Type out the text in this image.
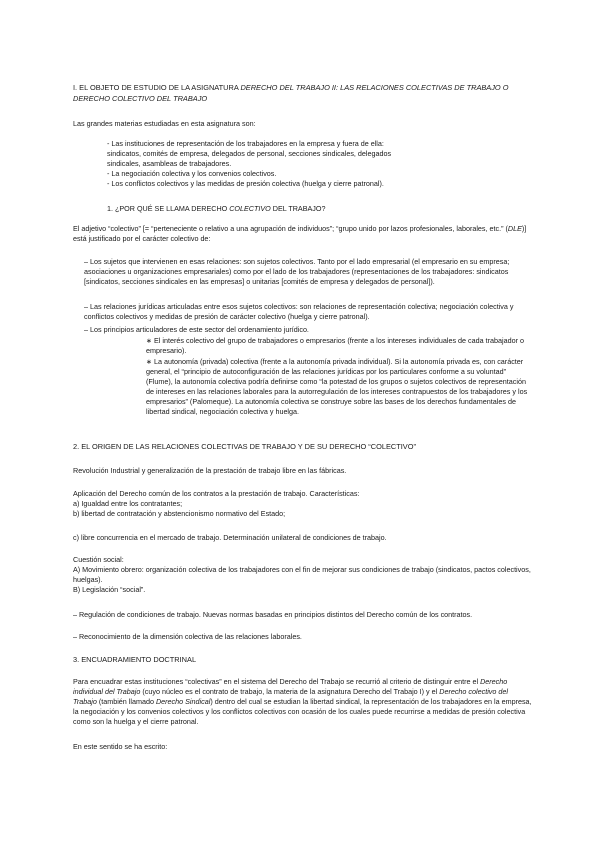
I. EL OBJETO DE ESTUDIO DE LA ASIGNATURA DERECHO DEL TRABAJO II: LAS RELACIONES COLECTIVAS DE TRABAJO O DERECHO COLECTIVO DEL TRABAJO
Las grandes materias estudiadas en esta asignatura son:
- Las instituciones de representación de los trabajadores en la empresa y fuera de ella: sindicatos, comités de empresa, delegados de personal, secciones sindicales, delegados sindicales, asambleas de trabajadores.
- La negociación colectiva y los convenios colectivos.
- Los conflictos colectivos y las medidas de presión colectiva (huelga y cierre patronal).
1. ¿POR QUÉ SE LLAMA DERECHO COLECTIVO DEL TRABAJO?
El adjetivo “colectivo” [= “perteneciente o relativo a una agrupación de individuos”; “grupo unido por lazos profesionales, laborales, etc.” (DLE)] está justificado por el carácter colectivo de:
– Los sujetos que intervienen en esas relaciones: son sujetos colectivos. Tanto por el lado empresarial (el empresario en su empresa; asociaciones u organizaciones empresariales) como por el lado de los trabajadores (representaciones de los trabajadores: sindicatos [sindicatos, secciones sindicales en las empresas] o unitarias [comités de empresa y delegados de personal]).
– Las relaciones jurídicas articuladas entre esos sujetos colectivos: son relaciones de representación colectiva; negociación colectiva y conflictos colectivos y medidas de presión de carácter colectivo (huelga y cierre patronal).
– Los principios articuladores de este sector del ordenamiento jurídico.
∗ El interés colectivo del grupo de trabajadores o empresarios (frente a los intereses individuales de cada trabajador o empresario).
∗ La autonomía (privada) colectiva (frente a la autonomía privada individual). Si la autonomía privada es, con carácter general, el “principio de autoconfiguración de las relaciones jurídicas por los particulares conforme a su voluntad” (Flume), la autonomía colectiva podría definirse como “la potestad de los grupos o sujetos colectivos de representación de intereses en las relaciones laborales para la autorregulación de los intereses contrapuestos de los trabajadores y los empresarios” (Palomeque). La autonomía colectiva se construye sobre las bases de los derechos fundamentales de libertad sindical, negociación colectiva y huelga.
2. EL ORIGEN DE LAS RELACIONES COLECTIVAS DE TRABAJO Y DE SU DERECHO “COLECTIVO”
Revolución Industrial y generalización de la prestación de trabajo libre en las fábricas.
Aplicación del Derecho común de los contratos a la prestación de trabajo. Características:
a) Igualdad entre los contratantes;
b) libertad de contratación y abstencionismo normativo del Estado;
c) libre concurrencia en el mercado de trabajo. Determinación unilateral de condiciones de trabajo.
Cuestión social:
A) Movimiento obrero: organización colectiva de los trabajadores con el fin de mejorar sus condiciones de trabajo (sindicatos, pactos colectivos, huelgas).
B) Legislación “social”.
– Regulación de condiciones de trabajo. Nuevas normas basadas en principios distintos del Derecho común de los contratos.
– Reconocimiento de la dimensión colectiva de las relaciones laborales.
3. ENCUADRAMIENTO DOCTRINAL
Para encuadrar estas instituciones “colectivas” en el sistema del Derecho del Trabajo se recurrió al criterio de distinguir entre el Derecho individual del Trabajo (cuyo núcleo es el contrato de trabajo, la materia de la asignatura Derecho del Trabajo I) y el Derecho colectivo del Trabajo (también llamado Derecho Sindical) dentro del cual se estudian la libertad sindical, la representación de los trabajadores en la empresa, la negociación y los convenios colectivos y los conflictos colectivos con ocasión de los cuales puede recurrirse a medidas de presión colectiva como son la huelga y el cierre patronal.
En este sentido se ha escrito:
